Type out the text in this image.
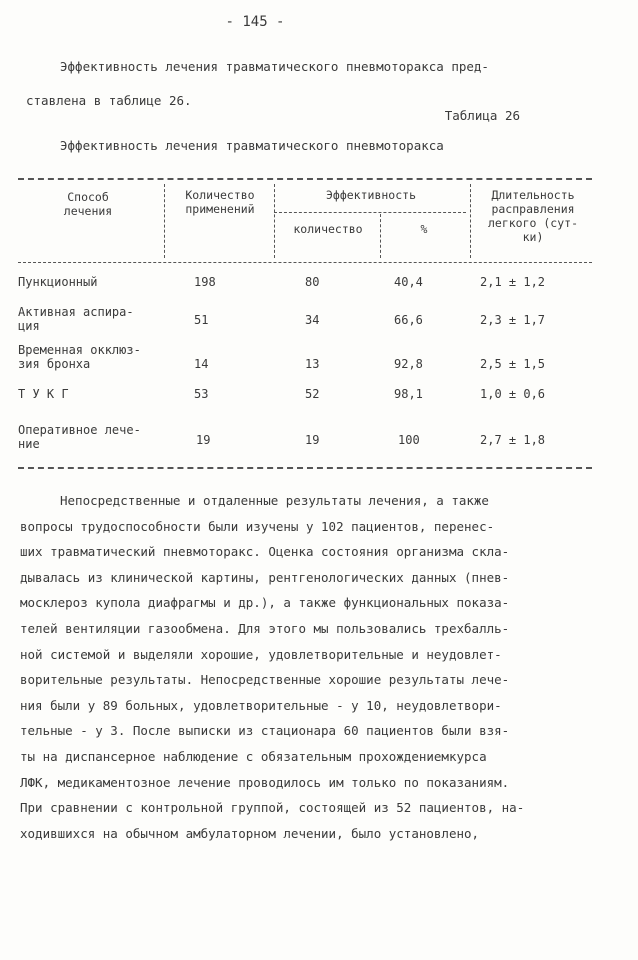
- 145 -
Эффективность лечения травматического пневмоторакса пред-
ставлена в таблице 26.
Таблица 26
Эффективность лечения травматического пневмоторакса
Способ
лечения
Количество
применений
Эффективность
количество	%
Длительность
расправления
легкого (сут-
ки)
Пункционный	198	80	40,4	2,1 ± 1,2
Активная аспира-
ция	51	34	66,6	2,3 ± 1,7
Временная окклюз-
зия бронха	14	13	92,8	2,5 ± 1,5
Т У К Г	53	52	98,1	1,0 ± 0,6
Оперативное лече-
ние	19	19	100	2,7 ± 1,8
Непосредственные и отдаленные результаты лечения, а также
вопросы трудоспособности были изучены у 102 пациентов, перенес-
ших травматический пневмоторакс. Оценка состояния организма скла-
дывалась из клинической картины, рентгенологических данных (пнев-
москлероз купола диафрагмы и др.), а также функциональных показа-
телей вентиляции газообмена. Для этого мы пользовались трехбалль-
ной системой и выделяли хорошие, удовлетворительные и неудовлет-
ворительные результаты. Непосредственные хорошие результаты лече-
ния были у 89 больных, удовлетворительные - у 10, неудовлетвори-
тельные - у 3. После выписки из стационара 60 пациентов были взя-
ты на диспансерное наблюдение с обязательным прохождениемкурса
ЛФК, медикаментозное лечение проводилось им только по показаниям.
При сравнении с контрольной группой, состоящей из 52 пациентов, на-
ходившихся на обычном амбулаторном лечении, было установлено,
